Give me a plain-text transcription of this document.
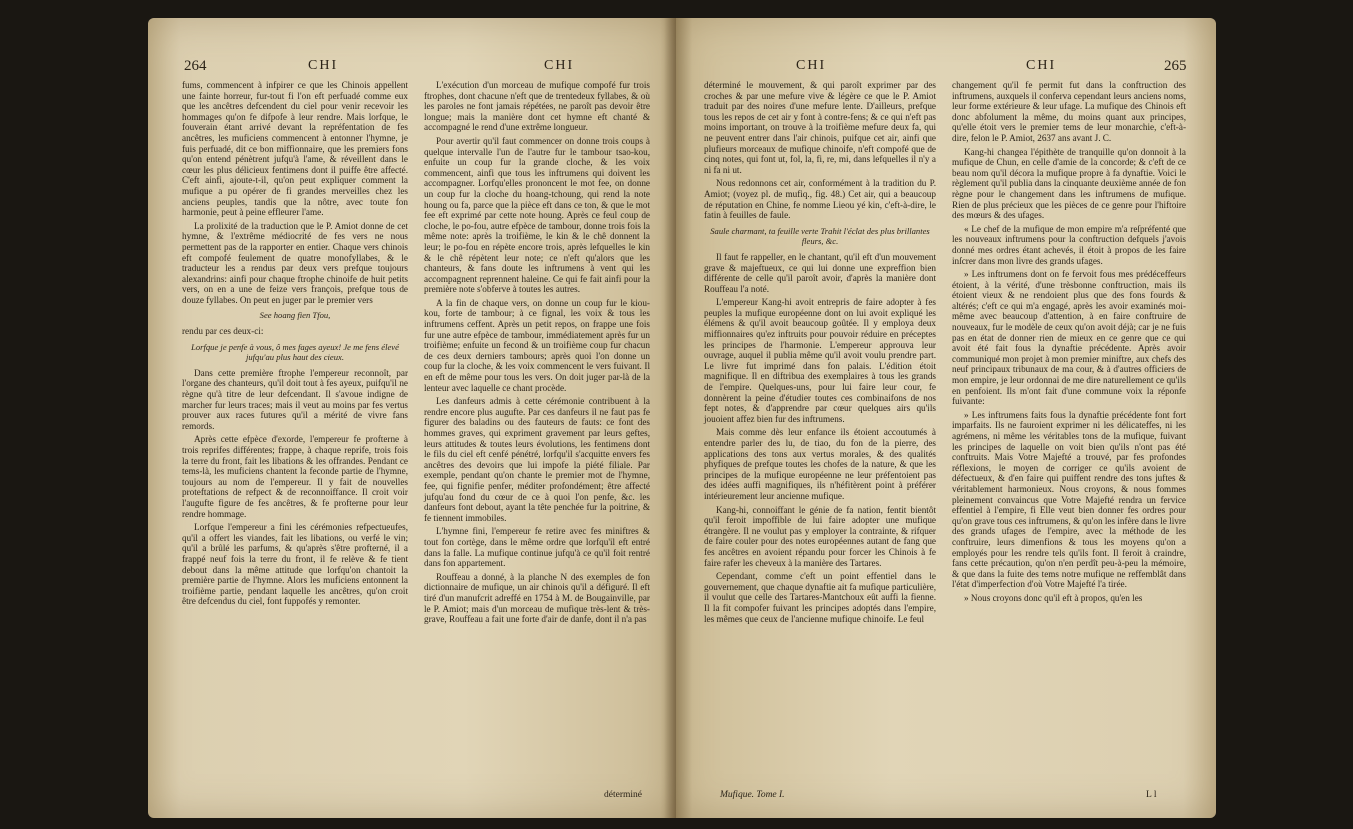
264	CHI	CHI

fums, commencent à infpirer ce que les Chinois appellent une fainte horreur, fur-tout fi l'on eft perfuadé comme eux que les ancêtres defcendent du ciel pour venir recevoir les hommages qu'on fe difpofe à leur rendre. Mais lorfque, le fouverain étant arrivé devant la repréfentation de fes ancêtres, les muficiens commencent à entonner l'hymne, je fuis perfuadé, dit ce bon miffionnaire, que les premiers fons qu'on entend pénètrent jufqu'à l'ame, & réveillent dans le cœur les plus délicieux fentimens dont il puiffe être affecté. C'eft ainfi, ajoute-t-il, qu'on peut expliquer comment la mufique a pu opérer de fi grandes merveilles chez les anciens peuples, tandis que la nôtre, avec toute fon harmonie, peut à peine effleurer l'ame.

La prolixité de la traduction que le P. Amiot donne de cet hymne, & l'extrême médiocrité de fes vers ne nous permettent pas de la rapporter en entier. Chaque vers chinois eft compofé feulement de quatre monofyllabes, & le traducteur les a rendus par deux vers prefque toujours alexandrins: ainfi pour chaque ftrophe chinoife de huit petits vers, on en a une de feize vers françois, prefque tous de douze fyllabes. On peut en juger par le premier vers

See hoang fien Tfou,

rendu par ces deux-ci:

Lorfque je penfe à vous, ô mes fages ayeux! Je me fens élevé jufqu'au plus haut des cieux.

Dans cette première ftrophe l'empereur reconnoît, par l'organe des chanteurs, qu'il doit tout à fes ayeux, puifqu'il ne règne qu'à titre de leur defcendant. Il s'avoue indigne de marcher fur leurs traces; mais il veut au moins par fes vertus prouver aux races futures qu'il a mérité de vivre fans remords.

Après cette efpèce d'exorde, l'empereur fe profterne à trois reprifes différentes; frappe, à chaque reprife, trois fois la terre du front, fait les libations & les offrandes. Pendant ce tems-là, les muficiens chantent la feconde partie de l'hymne, toujours au nom de l'empereur. Il y fait de nouvelles proteftations de refpect & de reconnoiffance. Il croit voir l'augufte figure de fes ancêtres, & fe profterne pour leur rendre hommage.

Lorfque l'empereur a fini les cérémonies refpectueufes, qu'il a offert les viandes, fait les libations, ou verfé le vin; qu'il a brûlé les parfums, & qu'après s'être profterné, il a frappé neuf fois la terre du front, il fe relève & fe tient debout dans la même attitude que lorfqu'on chantoit la première partie de l'hymne. Alors les muficiens entonnent la troifième partie, pendant laquelle les ancêtres, qu'on croit être defcendus du ciel, font fuppofés y remonter.

L'exécution d'un morceau de mufique compofé fur trois ftrophes, dont chacune n'eft que de trentedeux fyllabes, & où les paroles ne font jamais répétées, ne paroît pas devoir être longue; mais la manière dont cet hymne eft chanté & accompagné le rend d'une extrême longueur.

Pour avertir qu'il faut commencer on donne trois coups à quelque intervalle l'un de l'autre fur le tambour tsao-kou, enfuite un coup fur la grande cloche, & les voix commencent, ainfi que tous les inftrumens qui doivent les accompagner. Lorfqu'elles prononcent le mot fee, on donne un coup fur la cloche du hoang-tchoung, qui rend la note houng ou fa, parce que la pièce eft dans ce ton, & que le mot fee eft exprimé par cette note houng. Après ce feul coup de cloche, le po-fou, autre efpèce de tambour, donne trois fois la même note: après la troifième, le kin & le chê donnent la leur; le po-fou en répète encore trois, après lefquelles le kin & le chê répètent leur note; ce n'eft qu'alors que les chanteurs, & fans doute les inftrumens à vent qui les accompagnent reprennent haleine. Ce qui fe fait ainfi pour la première note s'obferve à toutes les autres.

A la fin de chaque vers, on donne un coup fur le kiou-kou, forte de tambour; à ce fignal, les voix & tous les inftrumens ceffent. Après un petit repos, on frappe une fois fur une autre efpèce de tambour, immédiatement après fur un troifième; enfuite un fecond & un troifième coup fur chacun de ces deux derniers tambours; après quoi l'on donne un coup fur la cloche, & les voix commencent le vers fuivant. Il en eft de même pour tous les vers. On doit juger par-là de la lenteur avec laquelle ce chant procède.

Les danfeurs admis à cette cérémonie contribuent à la rendre encore plus augufte. Par ces danfeurs il ne faut pas fe figurer des baladins ou des fauteurs de fauts: ce font des hommes graves, qui expriment gravement par leurs geftes, leurs attitudes & toutes leurs évolutions, les fentimens dont le fils du ciel eft cenfé pénétré, lorfqu'il s'acquitte envers fes ancêtres des devoirs que lui impofe la piété filiale. Par exemple, pendant qu'on chante le premier mot de l'hymne, fee, qui fignifie penfer, méditer profondément; être affecté jufqu'au fond du cœur de ce à quoi l'on penfe, &c. les danfeurs font debout, ayant la tête penchée fur la poitrine, & fe tiennent immobiles.

L'hymne fini, l'empereur fe retire avec fes miniftres & tout fon cortège, dans le même ordre que lorfqu'il eft entré dans la falle. La mufique continue jufqu'à ce qu'il foit rentré dans fon appartement.

Rouffeau a donné, à la planche N des exemples de fon dictionnaire de mufique, un air chinois qu'il a défiguré. Il eft tiré d'un manufcrit adreffé en 1754 à M. de Bougainville, par le P. Amiot; mais d'un morceau de mufique très-lent & très-grave, Rouffeau a fait une forte d'air de danfe, dont il n'a pas

déterminé
CHI	CHI	265

déterminé le mouvement, & qui paroît exprimer par des croches & par une mefure vive & légère ce que le P. Amiot traduit par des noires d'une mefure lente. D'ailleurs, prefque tous les repos de cet air y font à contre-fens; & ce qui n'eft pas moins important, on trouve à la troifième mefure deux fa, qui ne peuvent entrer dans l'air chinois, puifque cet air, ainfi que plufieurs morceaux de mufique chinoife, n'eft compofé que de cinq notes, qui font ut, fol, la, fi, re, mi, dans lefquelles il n'y a ni fa ni ut.

Nous redonnons cet air, conformément à la tradition du P. Amiot; (voyez pl. de mufiq., fig. 48.) Cet air, qui a beaucoup de réputation en Chine, fe nomme Lieou yé kin, c'eft-à-dire, le fatin à feuilles de faule.

Saule charmant, ta feuille verte Trahit l'éclat des plus brillantes fleurs, &c.

Il faut fe rappeller, en le chantant, qu'il eft d'un mouvement grave & majeftueux, ce qui lui donne une expreffion bien différente de celle qu'il paroît avoir, d'après la manière dont Rouffeau l'a noté.

L'empereur Kang-hi avoit entrepris de faire adopter à fes peuples la mufique européenne dont on lui avoit expliqué les élémens & qu'il avoit beaucoup goûtée. Il y employa deux miffionnaires qu'ez inftruits pour pouvoir réduire en préceptes les principes de l'harmonie. L'empereur approuva leur ouvrage, auquel il publia même qu'il avoit voulu prendre part. Le livre fut imprimé dans fon palais. L'édition étoit magnifique. Il en diftribua des exemplaires à tous les grands de l'empire. Quelques-uns, pour lui faire leur cour, fe donnèrent la peine d'étudier toutes ces combinaifons de nos fept notes, & d'apprendre par cœur quelques airs qu'ils jouoient affez bien fur des inftrumens.

Mais comme dès leur enfance ils étoient accoutumés à entendre parler des lu, de tiao, du fon de la pierre, des applications des tons aux vertus morales, & des qualités phyfiques de prefque toutes les chofes de la nature, & que les principes de la mufique européenne ne leur préfentoient pas des idées auffi magnifiques, ils n'héfitèrent point à préférer intérieurement leur ancienne mufique.

Kang-hi, connoiffant le génie de fa nation, fentit bientôt qu'il feroit impoffible de lui faire adopter une mufique étrangère. Il ne voulut pas y employer la contrainte, & rifquer de faire couler pour des notes européennes autant de fang que fes ancêtres en avoient répandu pour forcer les Chinois à fe faire rafer les cheveux à la manière des Tartares.

Cependant, comme c'eft un point effentiel dans le gouvernement, que chaque dynaftie ait fa mufique particulière, il voulut que celle des Tartares-Mantchoux eût auffi la fienne. Il la fit compofer fuivant les principes adoptés dans l'empire, les mêmes que ceux de l'ancienne mufique chinoife. Le feul

Mufique. Tome I.

changement qu'il fe permit fut dans la conftruction des inftrumens, auxquels il conferva cependant leurs anciens noms, leur forme extérieure & leur ufage. La mufique des Chinois eft donc abfolument la même, du moins quant aux principes, qu'elle étoit vers le premier tems de leur monarchie, c'eft-à-dire, felon le P. Amiot, 2637 ans avant J. C.

Kang-hi changea l'épithète de tranquille qu'on donnoit à la mufique de Chun, en celle d'amie de la concorde; & c'eft de ce beau nom qu'il décora la mufique propre à fa dynaftie. Voici le règlement qu'il publia dans la cinquante deuxième année de fon règne pour le changement dans les inftrumens de mufique. Rien de plus précieux que les pièces de ce genre pour l'hiftoire des mœurs & des ufages.

« Le chef de la mufique de mon empire m'a reſpréfenté que les nouveaux inftrumens pour la conftruction defquels j'avois donné mes ordres étant achevés, il étoit à propos de les faire inſcrer dans mon livre des grands ufages.

» Les inftrumens dont on fe fervoit fous mes prédéceffeurs étoient, à la vérité, d'une trèsbonne conftruction, mais ils étoient vieux & ne rendoient plus que des fons fourds & altérés; c'eft ce qui m'a engagé, après les avoir examinés moi-même avec beaucoup d'attention, à en faire conftruire de nouveaux, fur le modèle de ceux qu'on avoit déjà; car je ne fuis pas en état de donner rien de mieux en ce genre que ce qui avoit été fait fous la dynaftie précédente. Après avoir communiqué mon projet à mon premier miniftre, aux chefs des neuf principaux tribunaux de ma cour, & à d'autres officiers de mon empire, je leur ordonnai de me dire naturellement ce qu'ils en penfoient. Ils m'ont fait d'une commune voix la réponfe fuivante:

» Les inftrumens faits fous la dynaftie précédente font fort imparfaits. Ils ne fauroient exprimer ni les délicateffes, ni les agrémens, ni même les véritables tons de la mufique, fuivant les principes de laquelle on voit bien qu'ils n'ont pas été conftruits. Mais Votre Majefté a trouvé, par fes profondes réflexions, le moyen de corriger ce qu'ils avoient de défectueux, & d'en faire qui puiffent rendre des tons juftes & véritablement harmonieux. Nous croyons, & nous fommes pleinement convaincus que Votre Majefté rendra un fervice effentiel à l'empire, fi Elle veut bien donner fes ordres pour qu'on grave tous ces inftrumens, & qu'on les infère dans le livre des grands ufages de l'empire, avec la méthode de les conftruire, leurs dimenfions & tous les moyens qu'on a employés pour les rendre tels qu'ils font. Il feroit à craindre, fans cette précaution, qu'on n'en perdît peu-à-peu la mémoire, & que dans la fuite des tems notre mufique ne reffemblât dans l'état d'imperfection d'où Votre Majefté l'a tirée.

» Nous croyons donc qu'il eft à propos, qu'en les

L l
